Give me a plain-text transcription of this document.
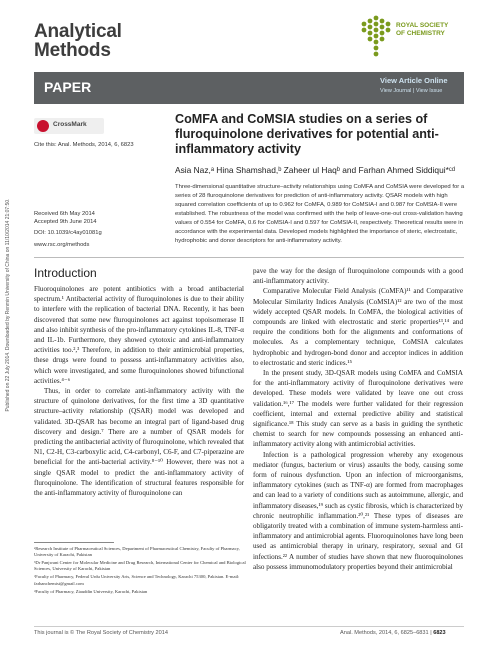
Analytical
Methods
ROYAL SOCIETY
OF CHEMISTRY
PAPER	View Article Online
View Journal | View Issue
CrossMark
Cite this: Anal. Methods, 2014, 6, 6823
CoMFA and CoMSIA studies on a series of fluroquinolone derivatives for potential anti-inflammatory activity
Asia Naz,ᵃ Hina Shamshad,ᵇ Zaheer ul Haqᵇ and Farhan Ahmed Siddiqui*ᶜᵈ
Three-dimensional quantitative structure–activity relationships using CoMFA and CoMSIA were developed for a series of 28 fluroquinolone derivatives for prediction of anti-inflammatory activity. QSAR models with high squared correlation coefficients of up to 0.962 for CoMFA, 0.989 for CoMSIA-I and 0.987 for CoMSIA-II were established. The robustness of the model was confirmed with the help of leave-one-out cross-validation having values of 0.554 for CoMFA, 0.6 for CoMSIA-I and 0.597 for CoMSIA-II, respectively. Theoretical results were in accordance with the experimental data. Developed models highlighted the importance of steric, electrostatic, hydrophobic and donor descriptors for anti-inflammatory activity.
Received 6th May 2014
Accepted 9th June 2014
DOI: 10.1039/c4ay01081g
www.rsc.org/methods
Published on 22 July 2014. Downloaded by Renmin University of China on 11/10/2014 21:07:50. Introduction

Fluoroquinolones are potent antibiotics with a broad antibacterial spectrum.¹ Antibacterial activity of fluroquinolones is due to their ability to interfere with the replication of bacterial DNA. Recently, it has been discovered that some new fluroquinolones act against topoisomerase II and also inhibit synthesis of the pro-inflammatory cytokines IL-8, TNF-α and IL-1b. Furthermore, they showed cytotoxic and anti-inflammatory activities too.²,³ Therefore, in addition to their antimicrobial properties, these drugs were found to possess anti-inflammatory activities also, which were investigated, and some fluroquinolones showed bifunctional activities.⁴⁻⁶

Thus, in order to correlate anti-inflammatory activity with the structure of quinolone derivatives, for the first time a 3D quantitative structure–activity relationship (QSAR) model was developed and validated. 3D-QSAR has become an integral part of ligand-based drug discovery and design.⁷ There are a number of QSAR models for predicting the antibacterial activity of fluroquinolone, which revealed that N1, C2-H, C3-carboxylic acid, C4-carbonyl, C6-F, and C7-piperazine are beneficial for the anti-bacterial activity.⁸⁻¹⁰ However, there was not a single QSAR model to predict the anti-inflammatory activity of fluroquinolone. The identification of structural features responsible for the anti-inflammatory activity of fluroquinolone can

pave the way for the design of fluroquinolone compounds with a good anti-inflammatory activity.

Comparative Molecular Field Analysis (CoMFA)¹¹ and Comparative Molecular Similarity Indices Analysis (CoMSIA)¹² are two of the most widely accepted QSAR models. In CoMFA, the biological activities of compounds are linked with electrostatic and steric properties¹³,¹⁴ and require the conditions both for the alignments and conformations of molecules. As a complementary technique, CoMSIA calculates hydrophobic and hydrogen-bond donor and acceptor indices in addition to electrostatic and steric indices.¹⁵

In the present study, 3D-QSAR models using CoMFA and CoMSIA for the anti-inflammatory activity of fluroquinolone derivatives were developed. These models were validated by leave one out cross validation.¹⁶,¹⁷ The models were further validated for their regression coefficient, internal and external predictive ability and statistical significance.¹⁸ This study can serve as a basis in guiding the synthetic chemist to search for new compounds possessing an enhanced anti-inflammatory activity along with antimicrobial activities.

Infection is a pathological progression whereby any exogenous mediator (fungus, bacterium or virus) assaults the body, causing some form of ruinous dysfunction. Upon an infection of microorganisms, inflammatory cytokines (such as TNF-α) are formed from macrophages and can lead to a variety of conditions such as autoimmune, allergic, and inflammatory diseases,¹⁹ such as cystic fibrosis, which is characterized by chronic neutrophilic inflammation.²⁰,²¹ These types of diseases are obligatorily treated with a combination of immune system-harmless anti-inflammatory and antimicrobial agents. Fluoroquinolones have long been used as antimicrobial therapy in urinary, respiratory, sexual and GI infections.²² A number of studies have shown that new fluoroquinolones also possess immunomodulatory properties beyond their antimicrobial

ᵃResearch Institute of Pharmaceutical Sciences, Department of Pharmaceutical Chemistry, Faculty of Pharmacy, University of Karachi, Pakistan
ᵇDr Panjwani Center for Molecular Medicine and Drug Research, International Center for Chemical and Biological Sciences, University of Karachi, Pakistan
ᶜFaculty of Pharmacy, Federal Urdu University Arts, Science and Technology, Karachi 75300, Pakistan. E-mail: farhanchemist@gmail.com
ᵈFaculty of Pharmacy, Ziauddin University, Karachi, Pakistan
This journal is © The Royal Society of Chemistry 2014	Anal. Methods, 2014, 6, 6825–6831 | 6823
